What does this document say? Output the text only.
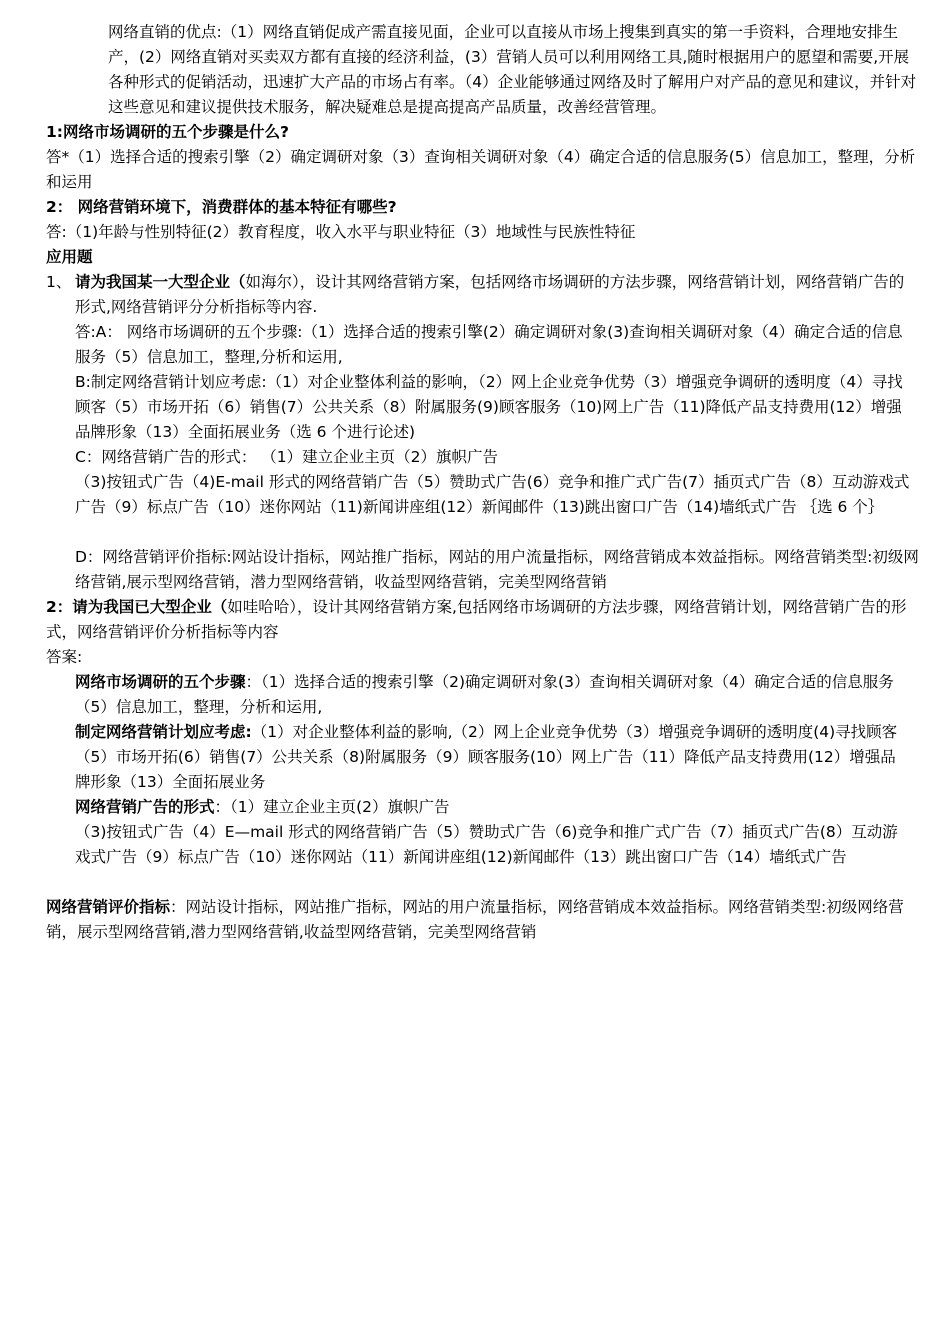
网络直销的优点:（1）网络直销促成产需直接见面，企业可以直接从市场上搜集到真实的第一手资料，合理地安排生产，(2）网络直销对买卖双方都有直接的经济利益，(3）营销人员可以利用网络工具,随时根据用户的愿望和需要,开展各种形式的促销活动，迅速扩大产品的市场占有率。（4）企业能够通过网络及时了解用户对产品的意见和建议，并针对这些意见和建议提供技术服务，解决疑难总是提高提高产品质量，改善经营管理。

1:网络市场调研的五个步骤是什么?

答*（1）选择合适的搜索引擎（2）确定调研对象（3）查询相关调研对象（4）确定合适的信息服务(5）信息加工，整理，分析和运用

2： 网络营销环境下，消费群体的基本特征有哪些?

答:（1)年龄与性别特征(2）教育程度，收入水平与职业特征（3）地域性与民族性特征

应用题

1、 请为我国某一大型企业（如海尔），设计其网络营销方案，包括网络市场调研的方法步骤，网络营销计划，网络营销广告的形式,网络营销评分分析指标等内容.

答:A： 网络市场调研的五个步骤:（1）选择合适的搜索引擎(2）确定调研对象(3)查询相关调研对象（4）确定合适的信息服务（5）信息加工，整理,分析和运用,

B:制定网络营销计划应考虑:（1）对企业整体利益的影响，（2）网上企业竞争优势（3）增强竞争调研的透明度（4）寻找顾客（5）市场开拓（6）销售(7）公共关系（8）附属服务(9)顾客服务（10)网上广告（11)降低产品支持费用(12）增强品牌形象（13）全面拓展业务（选 6 个进行论述)

C：网络营销广告的形式： （1）建立企业主页（2）旗帜广告

（3)按钮式广告（4)E-mail 形式的网络营销广告（5）赞助式广告(6）竞争和推广式广告(7）插页式广告（8）互动游戏式广告（9）标点广告（10）迷你网站（11)新闻讲座组(12）新闻邮件（13)跳出窗口广告（14)墙纸式广告 ｛选 6 个｝

D：网络营销评价指标:网站设计指标，网站推广指标，网站的用户流量指标，网络营销成本效益指标。网络营销类型:初级网络营销,展示型网络营销，潜力型网络营销，收益型网络营销，完美型网络营销

2：请为我国已大型企业（如哇哈哈），设计其网络营销方案,包括网络市场调研的方法步骤，网络营销计划，网络营销广告的形式，网络营销评价分析指标等内容

答案:

网络市场调研的五个步骤：（1）选择合适的搜索引擎（2)确定调研对象(3）查询相关调研对象（4）确定合适的信息服务（5）信息加工，整理，分析和运用,

制定网络营销计划应考虑:（1）对企业整体利益的影响,（2）网上企业竞争优势（3）增强竞争调研的透明度(4)寻找顾客（5）市场开拓(6）销售(7）公共关系（8)附属服务（9）顾客服务(10）网上广告（11）降低产品支持费用(12）增强品牌形象（13）全面拓展业务

网络营销广告的形式：（1）建立企业主页(2）旗帜广告

（3)按钮式广告（4）E—mail 形式的网络营销广告（5）赞助式广告（6)竞争和推广式广告（7）插页式广告(8）互动游戏式广告（9）标点广告（10）迷你网站（11）新闻讲座组(12)新闻邮件（13）跳出窗口广告（14）墙纸式广告

网络营销评价指标：网站设计指标，网站推广指标，网站的用户流量指标，网络营销成本效益指标。网络营销类型:初级网络营销，展示型网络营销,潜力型网络营销,收益型网络营销，完美型网络营销
